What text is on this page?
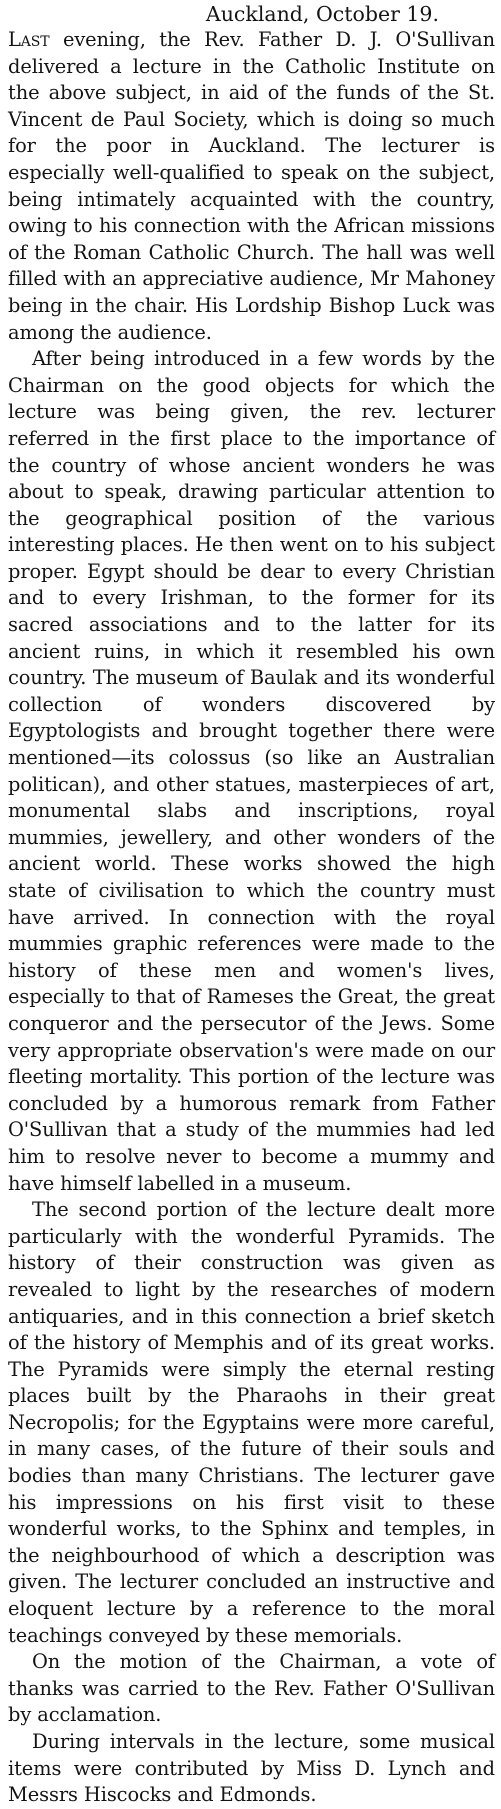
Auckland, October 19.

Last evening, the Rev. Father D. J. O'Sullivan delivered a lecture in the Catholic Institute on the above subject, in aid of the funds of the St. Vincent de Paul Society, which is doing so much for the poor in Auckland. The lecturer is especially well-qualified to speak on the subject, being intimately acquainted with the country, owing to his connection with the African missions of the Roman Catholic Church. The hall was well filled with an appreciative audience, Mr Mahoney being in the chair. His Lordship Bishop Luck was among the audience.

After being introduced in a few words by the Chairman on the good objects for which the lecture was being given, the rev. lecturer referred in the first place to the importance of the country of whose ancient wonders he was about to speak, drawing particular attention to the geographical position of the various interesting places. He then went on to his subject proper. Egypt should be dear to every Christian and to every Irishman, to the former for its sacred associations and to the latter for its ancient ruins, in which it resembled his own country. The museum of Baulak and its wonderful collection of wonders discovered by Egyptologists and brought together there were mentioned—its colossus (so like an Australian politican), and other statues, masterpieces of art, monumental slabs and inscriptions, royal mummies, jewellery, and other wonders of the ancient world. These works showed the high state of civilisation to which the country must have arrived. In connection with the royal mummies graphic references were made to the history of these men and women's lives, especially to that of Rameses the Great, the great conqueror and the persecutor of the Jews. Some very appropriate observation's were made on our fleeting mortality. This portion of the lecture was concluded by a humorous remark from Father O'Sullivan that a study of the mummies had led him to resolve never to become a mummy and have himself labelled in a museum.

The second portion of the lecture dealt more particularly with the wonderful Pyramids. The history of their construction was given as revealed to light by the researches of modern antiquaries, and in this connection a brief sketch of the history of Memphis and of its great works. The Pyramids were simply the eternal resting places built by the Pharaohs in their great Necropolis; for the Egyptains were more careful, in many cases, of the future of their souls and bodies than many Christians. The lecturer gave his impressions on his first visit to these wonderful works, to the Sphinx and temples, in the neighbourhood of which a description was given. The lecturer concluded an instructive and eloquent lecture by a reference to the moral teachings conveyed by these memorials.

On the motion of the Chairman, a vote of thanks was carried to the Rev. Father O'Sullivan by acclamation.

During intervals in the lecture, some musical items were contributed by Miss D. Lynch and Messrs Hiscocks and Edmonds.
